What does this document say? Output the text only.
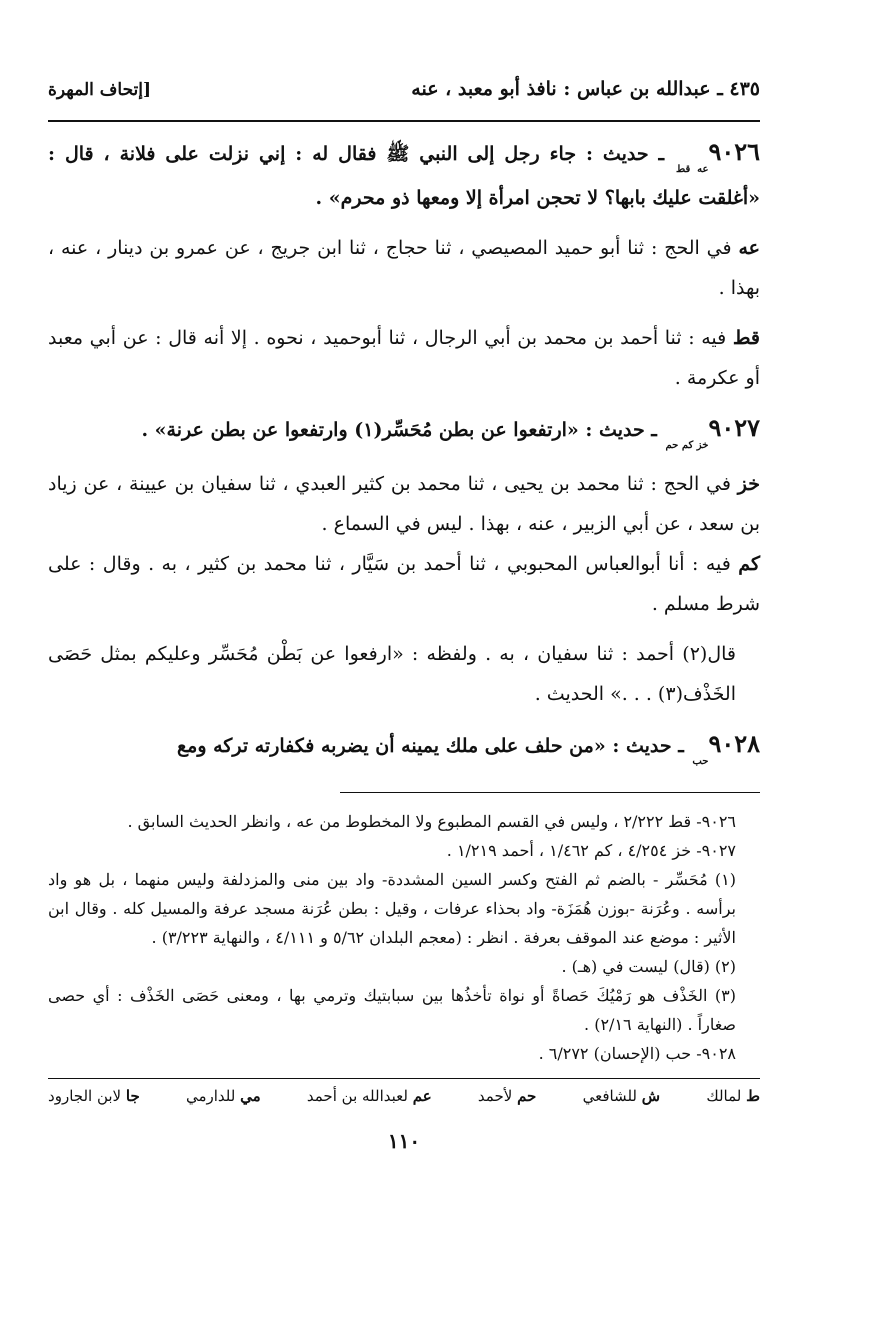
٤٣٥ ـ عبدالله بن عباس : نافذ أبو معبد ، عنه
[إتحاف المهرة

$٩٠٢٦_{عه قط}$ ـ حديث : جاء رجل إلى النبي ﷺ فقال له : إني نزلت على فلانة ، قال : «أغلقت عليك بابها؟ لا تحجن امرأة إلا ومعها ذو محرم» .

عه في الحج : ثنا أبو حميد المصيصي ، ثنا حجاج ، ثنا ابن جريج ، عن عمرو بن دينار ، عنه ، بهذا .

قط فيه : ثنا أحمد بن محمد بن أبي الرجال ، ثنا أبوحميد ، نحوه . إلا أنه قال : عن أبي معبد أو عكرمة .

$٩٠٢٧_{خز كم حم}$ ـ حديث : «ارتفعوا عن بطن مُحَسِّر(١) وارتفعوا عن بطن عرنة» .

خز في الحج : ثنا محمد بن يحيى ، ثنا محمد بن كثير العبدي ، ثنا سفيان بن عيينة ، عن زياد بن سعد ، عن أبي الزبير ، عنه ، بهذا . ليس في السماع .

كم فيه : أنا أبوالعباس المحبوبي ، ثنا أحمد بن سَيَّار ، ثنا محمد بن كثير ، به . وقال : على شرط مسلم .

قال(٢) أحمد : ثنا سفيان ، به . ولفظه : «ارفعوا عن بَطْن مُحَسِّر وعليكم بمثل حَصَى الخَذْف(٣) . . .» الحديث .

$٩٠٢٨_{حب}$ ـ حديث : «من حلف على ملك يمينه أن يضربه فكفارته تركه ومع

٩٠٢٦- قط ٢/٢٢٢ ، وليس في القسم المطبوع ولا المخطوط من عه ، وانظر الحديث السابق .

٩٠٢٧- خز ٤/٢٥٤ ، كم ١/٤٦٢ ، أحمد ١/٢١٩ .

(١) مُحَسِّر - بالضم ثم الفتح وكسر السين المشددة- واد بين منى والمزدلفة وليس منهما ، بل هو واد برأسه . وعُرَنة -بوزن هُمَزَة- واد بحذاء عرفات ، وقيل : بطن عُرَنة مسجد عرفة والمسيل كله . وقال ابن الأثير : موضع عند الموقف بعرفة . انظر : (معجم البلدان ٥/٦٢ و ٤/١١١ ، والنهاية ٣/٢٢٣) .

(٢) (قال) ليست في (هـ) .

(٣) الخَذْف هو رَمْيُكَ حَصاةً أو نواة تأخذُها بين سبابتيك وترمي بها ، ومعنى حَصَى الخَذْف : أي حصى صغاراً . (النهاية ٢/١٦) .

٩٠٢٨- حب (الإحسان) ٦/٢٧٢ .

ط لمالك
ش للشافعي
حم لأحمد
عم لعبدالله بن أحمد
مي للدارمي
جا لابن الجارود
١١٠
